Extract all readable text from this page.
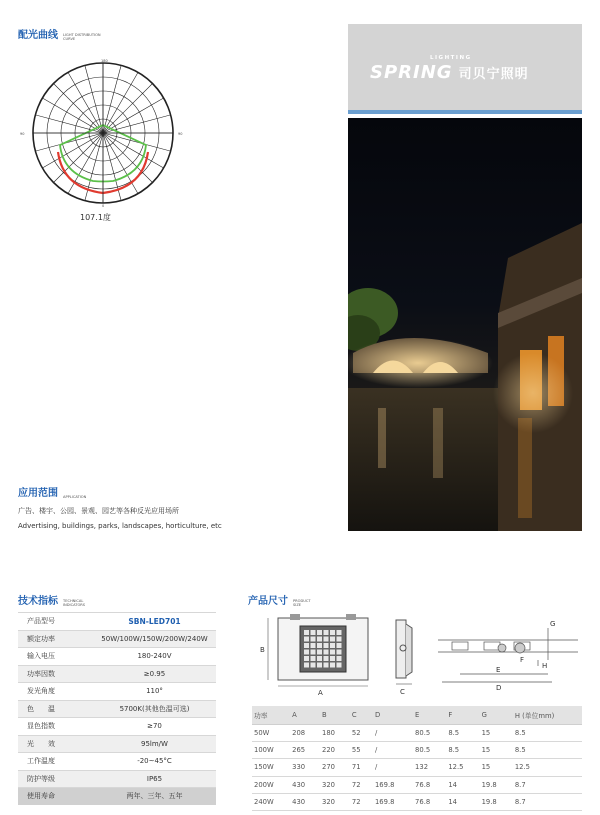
配光曲线 LIGHT DISTRIBUTION CURVE
180
0
90	90
107.1度
SPRING
LIGHTING
司贝宁照明
应用范围 APPLICATION
广告、楼宇、公园、景观、园艺等各种反光应用场所
Advertising, buildings, parks, landscapes, horticulture, etc
技术指标 TECHNICAL INDICATORS
产品型号	SBN-LED701
额定功率	50W/100W/150W/200W/240W
输入电压	180-240V
功率因数	≥0.95
发光角度	110°
色　　温	5700K(其他色温可选)
显色指数	≥70
光　　效	95lm/W
工作温度	-20~45°C
防护等级	IP65
使用寿命	两年、三年、五年
产品尺寸 PRODUCT SIZE
A
B
C
E
D
F
G
H
功率	A	B	C	D	E	F	G	H (单位mm)
50W	208	180	52	/	80.5	8.5	15	8.5
100W	265	220	55	/	80.5	8.5	15	8.5
150W	330	270	71	/	132	12.5	15	12.5
200W	430	320	72	169.8	76.8	14	19.8	8.7
240W	430	320	72	169.8	76.8	14	19.8	8.7
